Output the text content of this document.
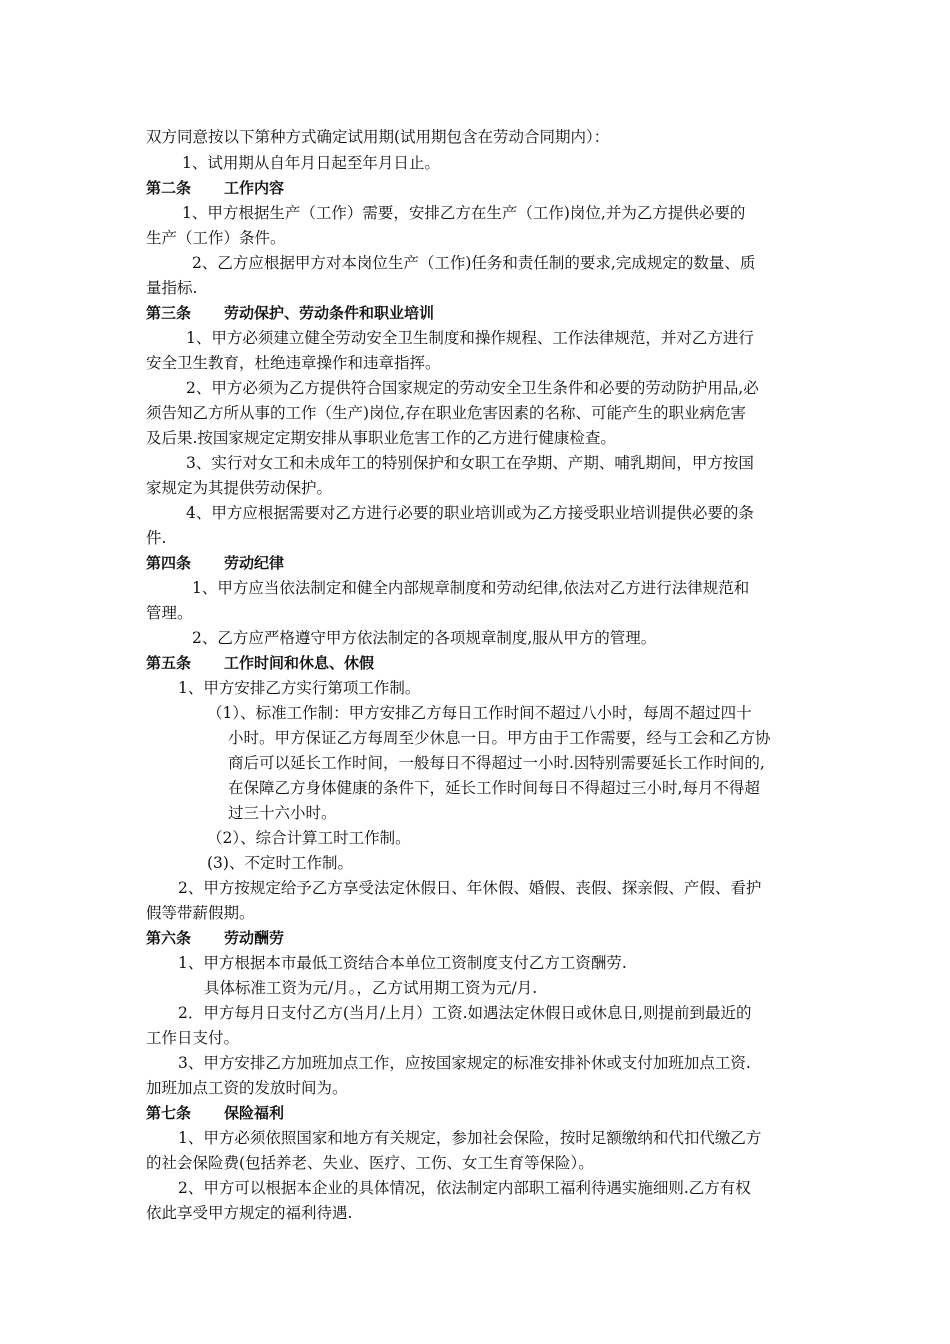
双方同意按以下第种方式确定试用期(试用期包含在劳动合同期内）：
1、试用期从自年月日起至年月日止。
第二条 工作内容
1、甲方根据生产（工作）需要，安排乙方在生产（工作)岗位,并为乙方提供必要的
生产（工作）条件。
2、乙方应根据甲方对本岗位生产（工作)任务和责任制的要求,完成规定的数量、质
量指标.
第三条 劳动保护、劳动条件和职业培训
1、甲方必须建立健全劳动安全卫生制度和操作规程、工作法律规范，并对乙方进行
安全卫生教育，杜绝违章操作和违章指挥。
2、甲方必须为乙方提供符合国家规定的劳动安全卫生条件和必要的劳动防护用品,必
须告知乙方所从事的工作（生产)岗位,存在职业危害因素的名称、可能产生的职业病危害
及后果.按国家规定定期安排从事职业危害工作的乙方进行健康检查。
3、实行对女工和未成年工的特别保护和女职工在孕期、产期、哺乳期间，甲方按国
家规定为其提供劳动保护。
4、甲方应根据需要对乙方进行必要的职业培训或为乙方接受职业培训提供必要的条
件.
第四条 劳动纪律
1、甲方应当依法制定和健全内部规章制度和劳动纪律,依法对乙方进行法律规范和
管理。
2、乙方应严格遵守甲方依法制定的各项规章制度,服从甲方的管理。
第五条 工作时间和休息、休假
1、甲方安排乙方实行第项工作制。
（1）、标准工作制：甲方安排乙方每日工作时间不超过八小时，每周不超过四十
小时。甲方保证乙方每周至少休息一日。甲方由于工作需要，经与工会和乙方协
商后可以延长工作时间，一般每日不得超过一小时.因特别需要延长工作时间的,
在保障乙方身体健康的条件下，延长工作时间每日不得超过三小时,每月不得超
过三十六小时。
（2）、综合计算工时工作制。
(3)、不定时工作制。
2、甲方按规定给予乙方享受法定休假日、年休假、婚假、丧假、探亲假、产假、看护
假等带薪假期。
第六条 劳动酬劳
1、甲方根据本市最低工资结合本单位工资制度支付乙方工资酬劳.
具体标准工资为元/月。，乙方试用期工资为元/月.
2．甲方每月日支付乙方(当月/上月）工资.如遇法定休假日或休息日,则提前到最近的
工作日支付。
3、甲方安排乙方加班加点工作，应按国家规定的标准安排补休或支付加班加点工资.
加班加点工资的发放时间为。
第七条 保险福利
1、甲方必须依照国家和地方有关规定，参加社会保险，按时足额缴纳和代扣代缴乙方
的社会保险费(包括养老、失业、医疗、工伤、女工生育等保险）。
2、甲方可以根据本企业的具体情况，依法制定内部职工福利待遇实施细则.乙方有权
依此享受甲方规定的福利待遇.
